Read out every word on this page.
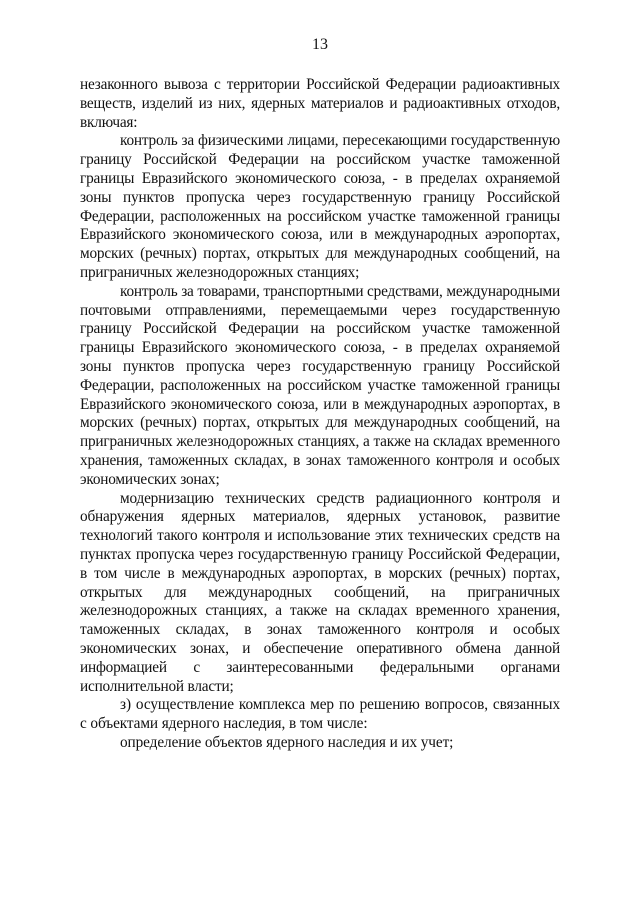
13

незаконного вывоза с территории Российской Федерации радиоактивных веществ, изделий из них, ядерных материалов и радиоактивных отходов, включая:

контроль за физическими лицами, пересекающими государственную границу Российской Федерации на российском участке таможенной границы Евразийского экономического союза, - в пределах охраняемой зоны пунктов пропуска через государственную границу Российской Федерации, расположенных на российском участке таможенной границы Евразийского экономического союза, или в международных аэропортах, морских (речных) портах, открытых для международных сообщений, на приграничных железнодорожных станциях;

контроль за товарами, транспортными средствами, международными почтовыми отправлениями, перемещаемыми через государственную границу Российской Федерации на российском участке таможенной границы Евразийского экономического союза, - в пределах охраняемой зоны пунктов пропуска через государственную границу Российской Федерации, расположенных на российском участке таможенной границы Евразийского экономического союза, или в международных аэропортах, в морских (речных) портах, открытых для международных сообщений, на приграничных железнодорожных станциях, а также на складах временного хранения, таможенных складах, в зонах таможенного контроля и особых экономических зонах;

модернизацию технических средств радиационного контроля и обнаружения ядерных материалов, ядерных установок, развитие технологий такого контроля и использование этих технических средств на пунктах пропуска через государственную границу Российской Федерации, в том числе в международных аэропортах, в морских (речных) портах, открытых для международных сообщений, на приграничных железнодорожных станциях, а также на складах временного хранения, таможенных складах, в зонах таможенного контроля и особых экономических зонах, и обеспечение оперативного обмена данной информацией с заинтересованными федеральными органами исполнительной власти;

з) осуществление комплекса мер по решению вопросов, связанных с объектами ядерного наследия, в том числе:

определение объектов ядерного наследия и их учет;
